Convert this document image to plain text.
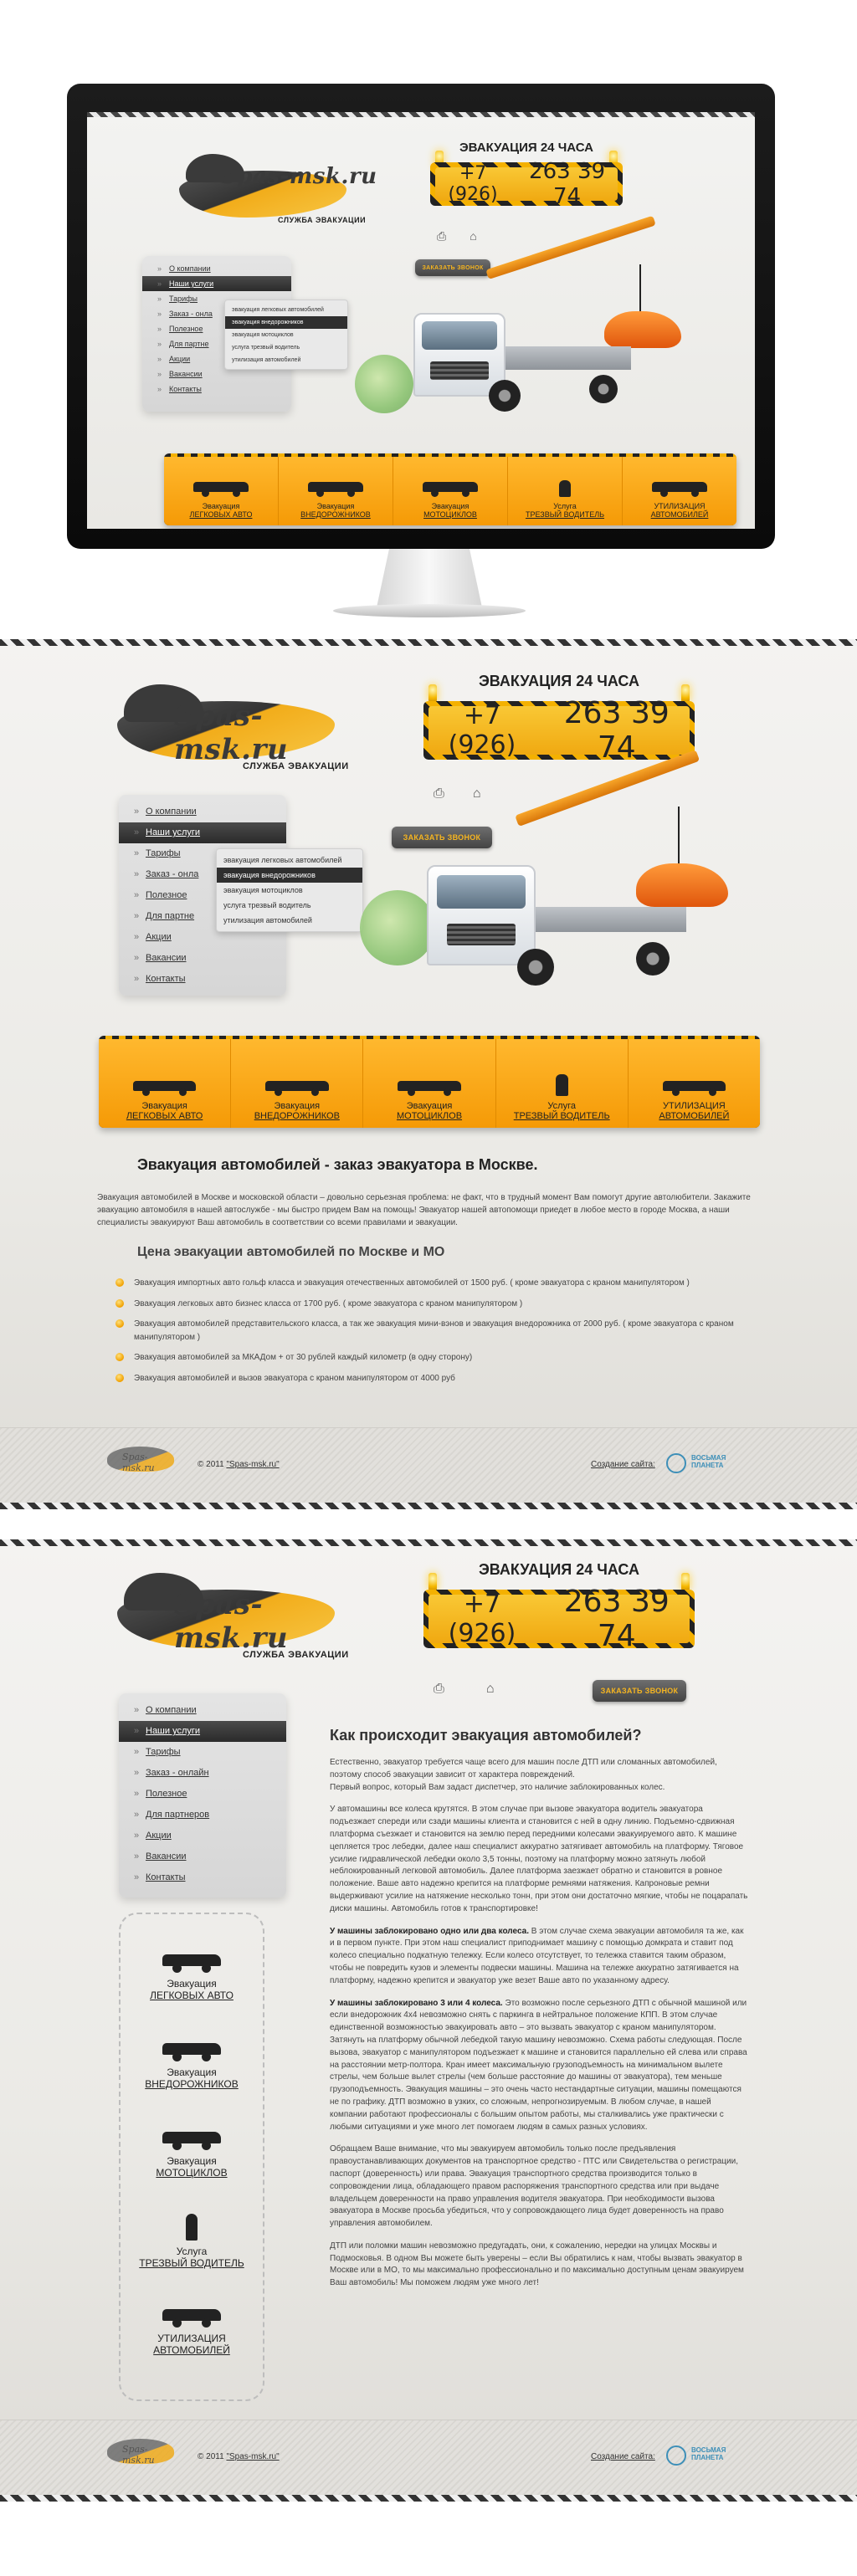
Spas-msk.ru
СЛУЖБА ЭВАКУАЦИИ
ЭВАКУАЦИЯ 24 ЧАСА
+7 (926)

263 39 74
⎙ ⌂
ЗАКАЗАТЬ ЗВОНОК
» О компании
» Наши услуги
» Тарифы
» Заказ - онла
» Полезное
» Для партне
» Акции
» Вакансии
» Контакты
эвакуация легковых автомобилей
эвакуация внедорожников
эвакуация мотоциклов
услуга трезвый водитель
утилизация автомобилей
Эвакуация
ЛЕГКОВЫХ АВТО
Эвакуация
ВНЕДОРОЖНИКОВ
Эвакуация
МОТОЦИКЛОВ
Услуга
ТРЕЗВЫЙ ВОДИТЕЛЬ
УТИЛИЗАЦИЯ
АВТОМОБИЛЕЙ
Spas-msk.ru
СЛУЖБА ЭВАКУАЦИИ
ЭВАКУАЦИЯ 24 ЧАСА
+7 (926)

263 39 74
⎙ ⌂
ЗАКАЗАТЬ ЗВОНОК
» О компании
» Наши услуги
» Тарифы
» Заказ - онла
» Полезное
» Для партне
» Акции
» Вакансии
» Контакты
эвакуация легковых автомобилей
эвакуация внедорожников
эвакуация мотоциклов
услуга трезвый водитель
утилизация автомобилей
Эвакуация
ЛЕГКОВЫХ АВТО
Эвакуация
ВНЕДОРОЖНИКОВ
Эвакуация
МОТОЦИКЛОВ
Услуга
ТРЕЗВЫЙ ВОДИТЕЛЬ
УТИЛИЗАЦИЯ
АВТОМОБИЛЕЙ
Эвакуация автомобилей - заказ эвакуатора в Москве.

Эвакуация автомобилей в Москве и московской области – довольно серьезная проблема: не факт, что в трудный момент Вам помогут другие автолюбители. Закажите эвакуацию автомобиля в нашей автослужбе - мы быстро придем Вам на помощь! Эвакуатор нашей автопомощи приедет в любое место в городе Москва, а наши специалисты эвакуируют Ваш автомобиль в соответствии со всеми правилами и эвакуации.

Цена эвакуации автомобилей по Москве и МО
Эвакуация импортных авто гольф класса и эвакуация отечественных автомобилей от 1500 руб. ( кроме эвакуатора с краном манипулятором )
Эвакуация легковых авто бизнес класса от 1700 руб. ( кроме эвакуатора с краном манипулятором )
Эвакуация автомобилей представительского класса, а так же эвакуация мини-вэнов и эвакуация внедорожника от 2000 руб. ( кроме эвакуатора с краном манипулятором )
Эвакуация автомобилей за МКАДом + от 30 рублей каждый километр (в одну сторону)
Эвакуация автомобилей и вызов эвакуатора с краном манипулятором от 4000 руб
Spas-msk.ru	© 2011 "Spas-msk.ru"	Создание сайта:
ВОСЬМАЯ
ПЛАНЕТА
Spas-msk.ru
СЛУЖБА ЭВАКУАЦИИ
ЭВАКУАЦИЯ 24 ЧАСА
+7 (926)

263 39 74
⎙	⌂	ЗАКАЗАТЬ ЗВОНОК
» О компании
» Наши услуги
» Тарифы
» Заказ - онлайн
» Полезное
» Для партнеров
» Акции
» Вакансии
» Контакты
Эвакуация
ЛЕГКОВЫХ АВТО
Эвакуация
ВНЕДОРОЖНИКОВ
Эвакуация
МОТОЦИКЛОВ
Услуга
ТРЕЗВЫЙ ВОДИТЕЛЬ
УТИЛИЗАЦИЯ
АВТОМОБИЛЕЙ
Как происходит эвакуация автомобилей?

Естественно, эвакуатор требуется чаще всего для машин после ДТП или сломанных автомобилей, поэтому способ эвакуации зависит от характера повреждений.
Первый вопрос, который Вам задаст диспетчер, это наличие заблокированных колес.

У автомашины все колеса крутятся. В этом случае при вызове эвакуатора водитель эвакуатора подъезжает спереди или сзади машины клиента и становится с ней в одну линию. Подъемно-сдвижная платформа съезжает и становится на землю перед передними колесами эвакуируемого авто. К машине цепляется трос лебедки, далее наш специалист аккуратно затягивает автомобиль на платформу. Тяговое усилие гидравлической лебедки около 3,5 тонны, поэтому на платформу можно затянуть любой неблокированный легковой автомобиль. Далее платформа заезжает обратно и становится в ровное положение. Ваше авто надежно крепится на платформе ремнями натяжения. Капроновые ремни выдерживают усилие на натяжение несколько тонн, при этом они достаточно мягкие, чтобы не поцарапать диски машины. Автомобиль готов к транспортировке!

У машины заблокировано одно или два колеса. В этом случае схема эвакуации автомобиля та же, как и в первом пункте. При этом наш специалист приподнимает машину с помощью домкрата и ставит под колесо специально подкатную тележку. Если колесо отсутствует, то тележка ставится таким образом, чтобы не повредить кузов и элементы подвески машины. Машина на тележке аккуратно затягивается на платформу, надежно крепится и эвакуатор уже везет Ваше авто по указанному адресу.

У машины заблокировано 3 или 4 колеса. Это возможно после серьезного ДТП с обычной машиной или если внедорожник 4х4 невозможно снять с паркинга в нейтральное положение КПП. В этом случае единственной возможностью эвакуировать авто – это вызвать эвакуатор с краном манипулятором. Затянуть на платформу обычной лебедкой такую машину невозможно. Схема работы следующая. После вызова, эвакуатор с манипулятором подъезжает к машине и становится параллельно ей слева или справа на расстоянии метр-полтора. Кран имеет максимальную грузоподъемность на минимальном вылете стрелы, чем больше вылет стрелы (чем больше расстояние до машины от эвакуатора), тем меньше грузоподъемность. Эвакуация машины – это очень часто нестандартные ситуации, машины помещаются не по графику. ДТП возможно в узких, со сложным, непрогнозируемым. В любом случае, в нашей компании работают профессионалы с большим опытом работы, мы сталкивались уже практически с любыми ситуациями и уже много лет помогаем людям в самых разных условиях.

Обращаем Ваше внимание, что мы эвакуируем автомобиль только после предъявления правоустанавливающих документов на транспортное средство - ПТС или Свидетельства о регистрации, паспорт (доверенность) или права. Эвакуация транспортного средства производится только в сопровождении лица, обладающего правом распоряжения транспортного средства или при выдаче владельцем доверенности на право управления водителя эвакуатора. При необходимости вызова эвакуатора в Москве просьба убедиться, что у сопровождающего лица будет доверенность на право управления автомобилем.

ДТП или поломки машин невозможно предугадать, они, к сожалению, нередки на улицах Москвы и Подмосковья. В одном Вы можете быть уверены – если Вы обратились к нам, чтобы вызвать эвакуатор в Москве или в МО, то мы максимально профессионально и по максимально доступным ценам эвакуируем Ваш автомобиль! Мы поможем людям уже много лет!

Spas-msk.ru	© 2011 "Spas-msk.ru"	Создание сайта:
ВОСЬМАЯ
ПЛАНЕТА
